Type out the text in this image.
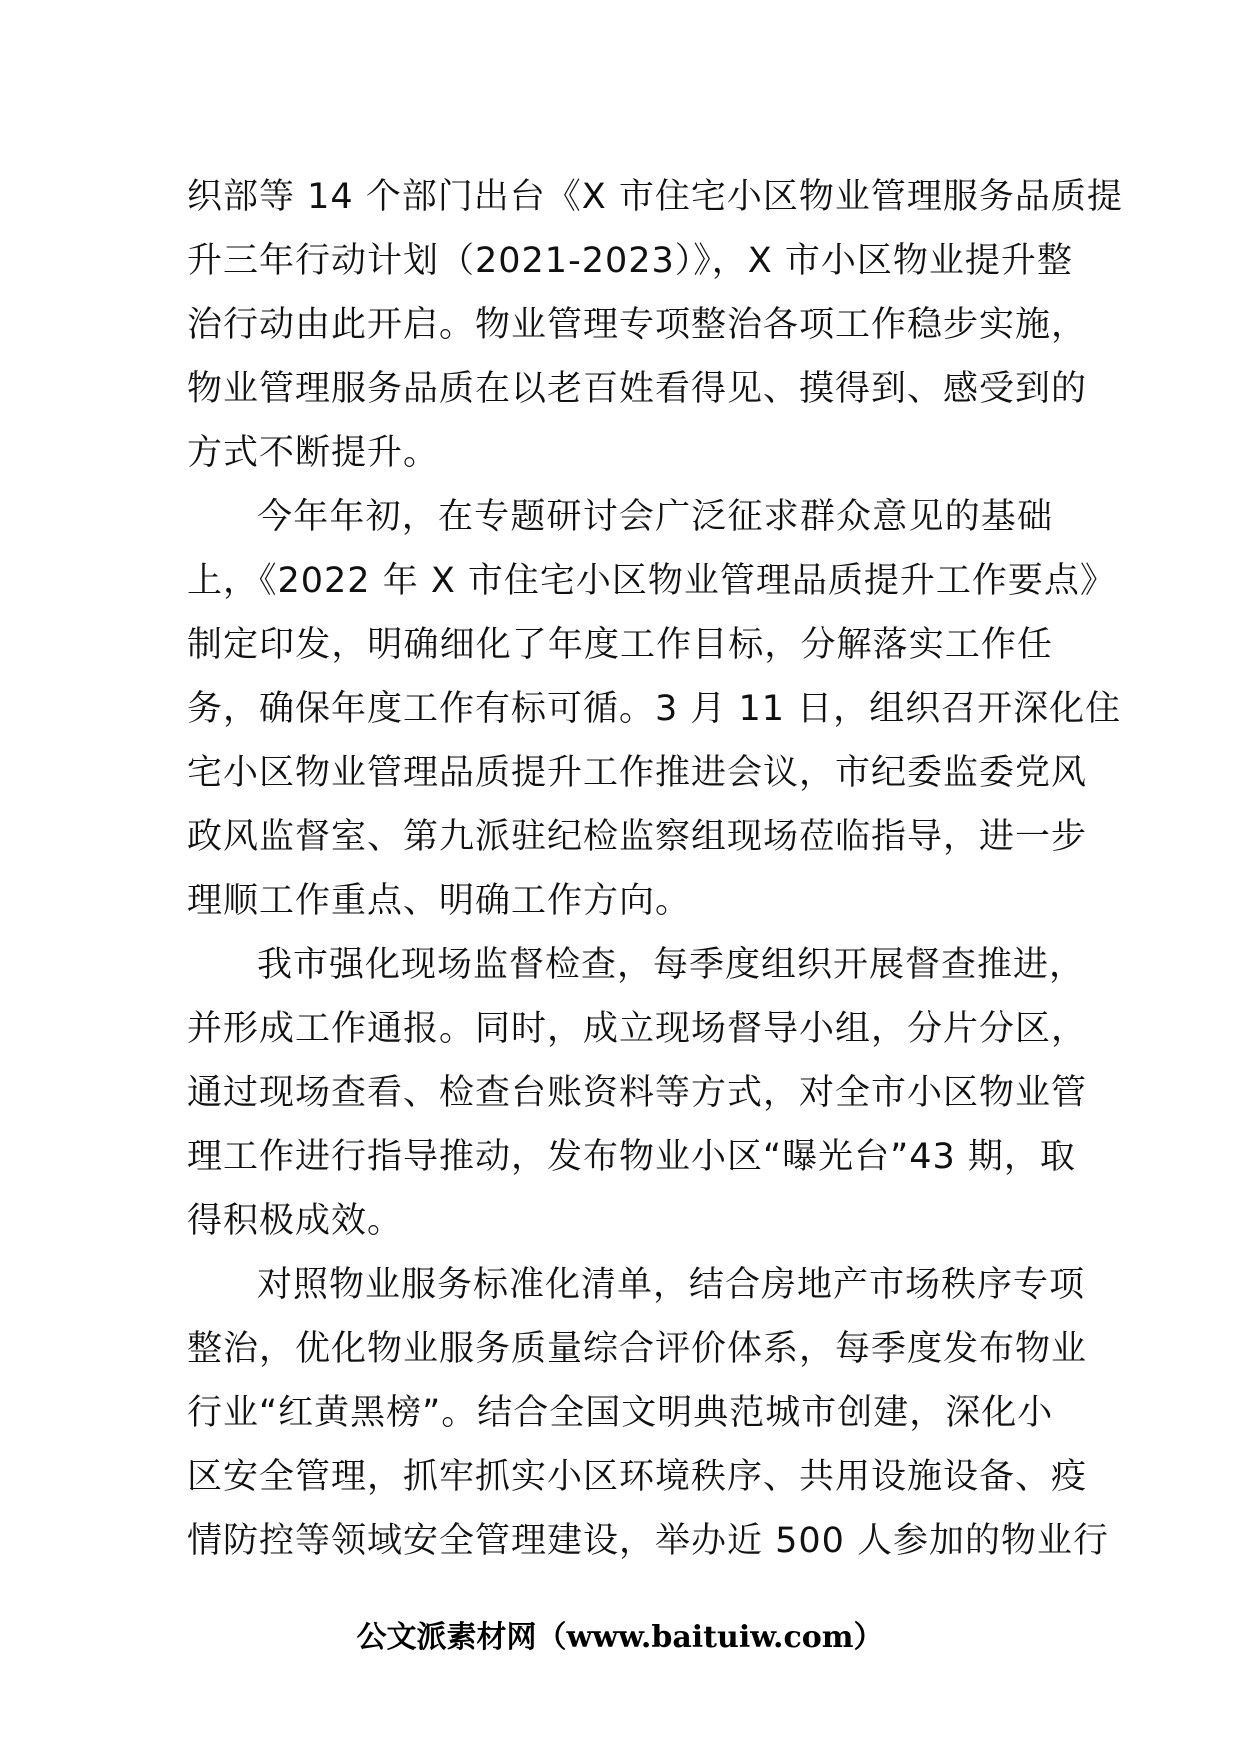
织部等 14 个部门出台《X 市住宅小区物业管理服务品质提
升三年行动计划（2021-2023）》，X 市小区物业提升整
治行动由此开启。物业管理专项整治各项工作稳步实施，
物业管理服务品质在以老百姓看得见、摸得到、感受到的
方式不断提升。
今年年初，在专题研讨会广泛征求群众意见的基础
上，《2022 年 X 市住宅小区物业管理品质提升工作要点》
制定印发，明确细化了年度工作目标，分解落实工作任
务，确保年度工作有标可循。3 月 11 日，组织召开深化住
宅小区物业管理品质提升工作推进会议，市纪委监委党风
政风监督室、第九派驻纪检监察组现场莅临指导，进一步
理顺工作重点、明确工作方向。
我市强化现场监督检查，每季度组织开展督查推进，
并形成工作通报。同时，成立现场督导小组，分片分区，
通过现场查看、检查台账资料等方式，对全市小区物业管
理工作进行指导推动，发布物业小区“曝光台”43 期，取
得积极成效。
对照物业服务标准化清单，结合房地产市场秩序专项
整治，优化物业服务质量综合评价体系，每季度发布物业
行业“红黄黑榜”。结合全国文明典范城市创建，深化小
区安全管理，抓牢抓实小区环境秩序、共用设施设备、疫
情防控等领域安全管理建设，举办近 500 人参加的物业行
公文派素材网（www.baituiw.com）
